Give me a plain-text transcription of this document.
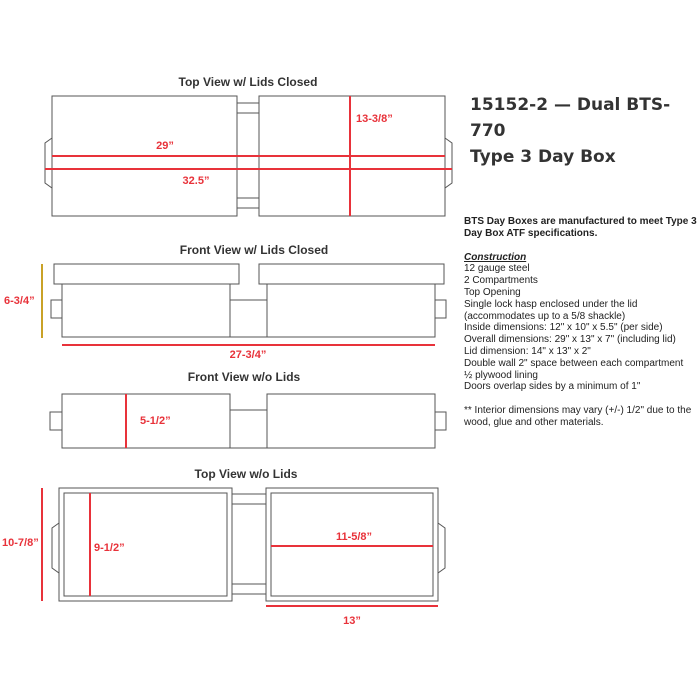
Top View w/ Lids Closed
29”
32.5”
13-3/8”
Front View w/ Lids Closed
6-3/4”
27-3/4”
Front View w/o Lids
5-1/2”
Top View w/o Lids
10-7/8”	9-1/2”
11-5/8”
13”
15152-2 — Dual BTS-770
Type 3 Day Box
BTS Day Boxes are manufactured to meet Type 3 Day Box ATF specifications.
Construction
12 gauge steel
2 Compartments
Top Opening
Single lock hasp enclosed under the lid
(accommodates up to a 5/8 shackle)
Inside dimensions: 12" x 10" x 5.5" (per side)
Overall dimensions: 29" x 13" x 7" (including lid)
Lid dimension: 14" x 13" x 2"
Double wall 2" space between each compartment
½ plywood lining
Doors overlap sides by a minimum of 1"
** Interior dimensions may vary (+/-) 1/2" due to the wood, glue and other materials.
